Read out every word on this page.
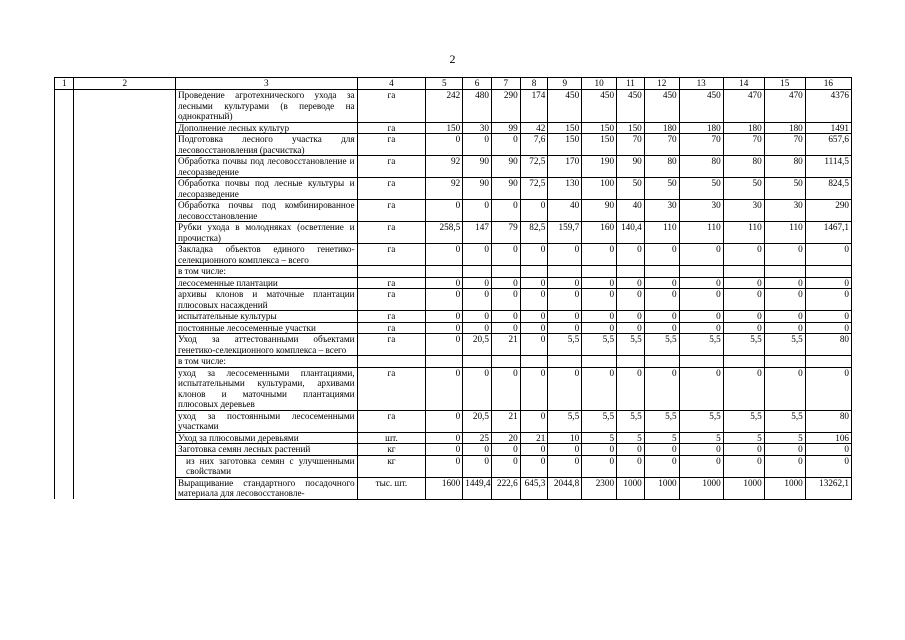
2
1	2	3	4	5	6	7	8	9	10	11	12	13	14	15	16
		Проведение агротехнического ухода за лесными культурами (в переводе на однократный)	га	242	480	290	174	450	450	450	450	450	470	470	4376
		Дополнение лесных культур	га	150	30	99	42	150	150	150	180	180	180	180	1491
		Подготовка лесного участка для лесовосстановления (расчистка)	га	0	0	0	7,6	150	150	70	70	70	70	70	657,6
		Обработка почвы под лесовосстановление и лесоразведение	га	92	90	90	72,5	170	190	90	80	80	80	80	1114,5
		Обработка почвы под лесные культуры и лесоразведение	га	92	90	90	72,5	130	100	50	50	50	50	50	824,5
		Обработка почвы под комбинированное лесовосстановление	га	0	0	0	0	40	90	40	30	30	30	30	290
		Рубки ухода в молодняках (осветление и прочистка)	га	258,5	147	79	82,5	159,7	160	140,4	110	110	110	110	1467,1
		Закладка объектов единого генетико-селекционного комплекса – всего	га	0	0	0	0	0	0	0	0	0	0	0	0
		в том числе:													
		лесосеменные плантации	га	0	0	0	0	0	0	0	0	0	0	0	0
		архивы клонов и маточные плантации плюсовых насаждений	га	0	0	0	0	0	0	0	0	0	0	0	0
		испытательные культуры	га	0	0	0	0	0	0	0	0	0	0	0	0
		постоянные лесосеменные участки	га	0	0	0	0	0	0	0	0	0	0	0	0
		Уход за аттестованными объектами генетико-селекционного комплекса – всего	га	0	20,5	21	0	5,5	5,5	5,5	5,5	5,5	5,5	5,5	80
		в том числе:													
		уход за лесосеменными плантациями, испытательными культурами, архивами клонов и маточными плантациями плюсовых деревьев	га	0	0	0	0	0	0	0	0	0	0	0	0
		уход за постоянными лесосеменными участками	га	0	20,5	21	0	5,5	5,5	5,5	5,5	5,5	5,5	5,5	80
		Уход за плюсовыми деревьями	шт.	0	25	20	21	10	5	5	5	5	5	5	106
		Заготовка семян лесных растений	кг	0	0	0	0	0	0	0	0	0	0	0	0
		из них заготовка семян с улучшенными свойствами	кг	0	0	0	0	0	0	0	0	0	0	0	0
		Выращивание стандартного посадочного материала для лесовосстановле-	тыс. шт.	1600	1449,4	222,6	645,3	2044,8	2300	1000	1000	1000	1000	1000	13262,1
